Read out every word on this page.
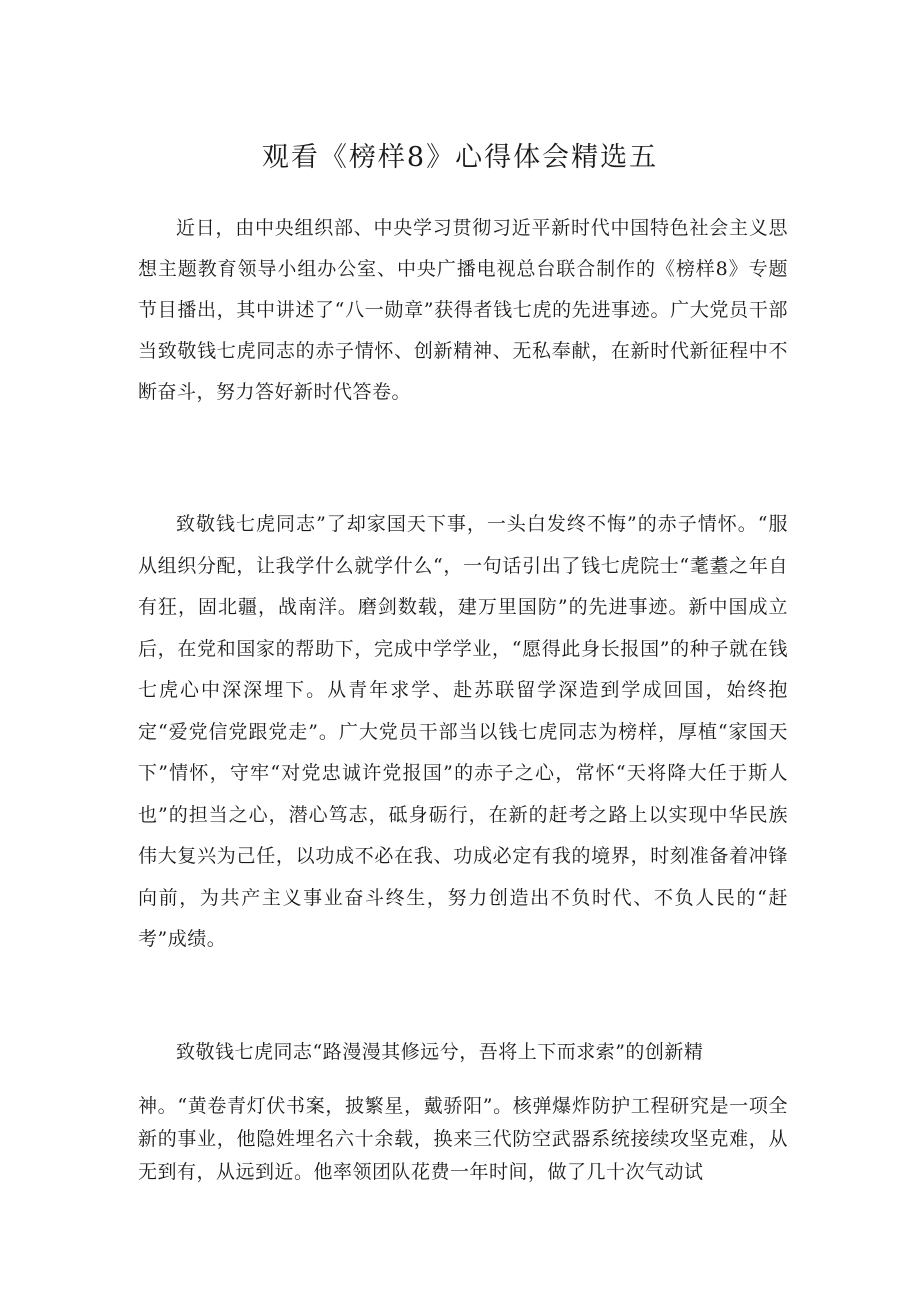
观看《榜样8》心得体会精选五

近日，由中央组织部、中央学习贯彻习近平新时代中国特色社会主义思想主题教育领导小组办公室、中央广播电视总台联合制作的《榜样8》专题节目播出，其中讲述了“八一勋章”获得者钱七虎的先进事迹。广大党员干部当致敬钱七虎同志的赤子情怀、创新精神、无私奉献，在新时代新征程中不断奋斗，努力答好新时代答卷。

致敬钱七虎同志”了却家国天下事，一头白发终不悔”的赤子情怀。“服从组织分配，让我学什么就学什么“，一句话引出了钱七虎院士“耄耋之年自有狂，固北疆，战南洋。磨剑数载，建万里国防”的先进事迹。新中国成立后，在党和国家的帮助下，完成中学学业，“愿得此身长报国”的种子就在钱七虎心中深深埋下。从青年求学、赴苏联留学深造到学成回国，始终抱定“爱党信党跟党走”。广大党员干部当以钱七虎同志为榜样，厚植“家国天下”情怀，守牢“对党忠诚许党报国”的赤子之心，常怀“天将降大任于斯人也”的担当之心，潜心笃志，砥身砺行，在新的赶考之路上以实现中华民族伟大复兴为己任，以功成不必在我、功成必定有我的境界，时刻准备着冲锋向前，为共产主义事业奋斗终生，努力创造出不负时代、不负人民的“赶考”成绩。

致敬钱七虎同志“路漫漫其修远兮，吾将上下而求索”的创新精

神。“黄卷青灯伏书案，披繁星，戴骄阳”。核弹爆炸防护工程研究是一项全新的事业，他隐姓埋名六十余载，换来三代防空武器系统接续攻坚克难，从无到有，从远到近。他率领团队花费一年时间，做了几十次气动试
